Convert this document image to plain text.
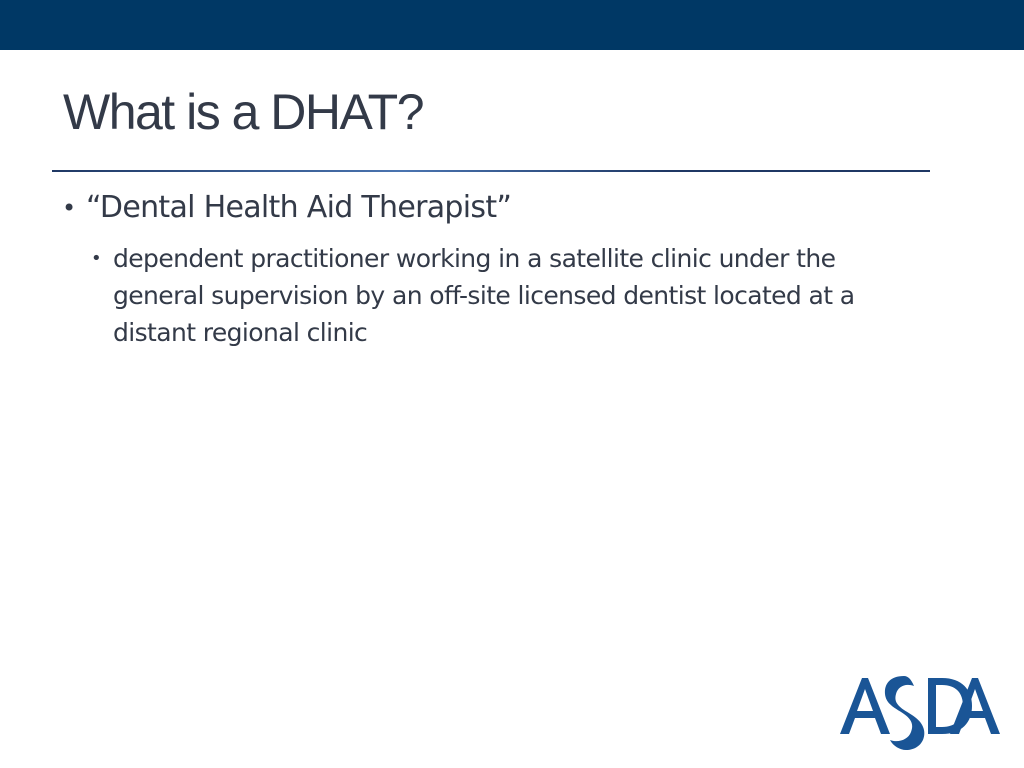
What is a DHAT?
• “Dental Health Aid Therapist”
• dependent practitioner working in a satellite clinic under the general supervision by an off-site licensed dentist located at a distant regional clinic
